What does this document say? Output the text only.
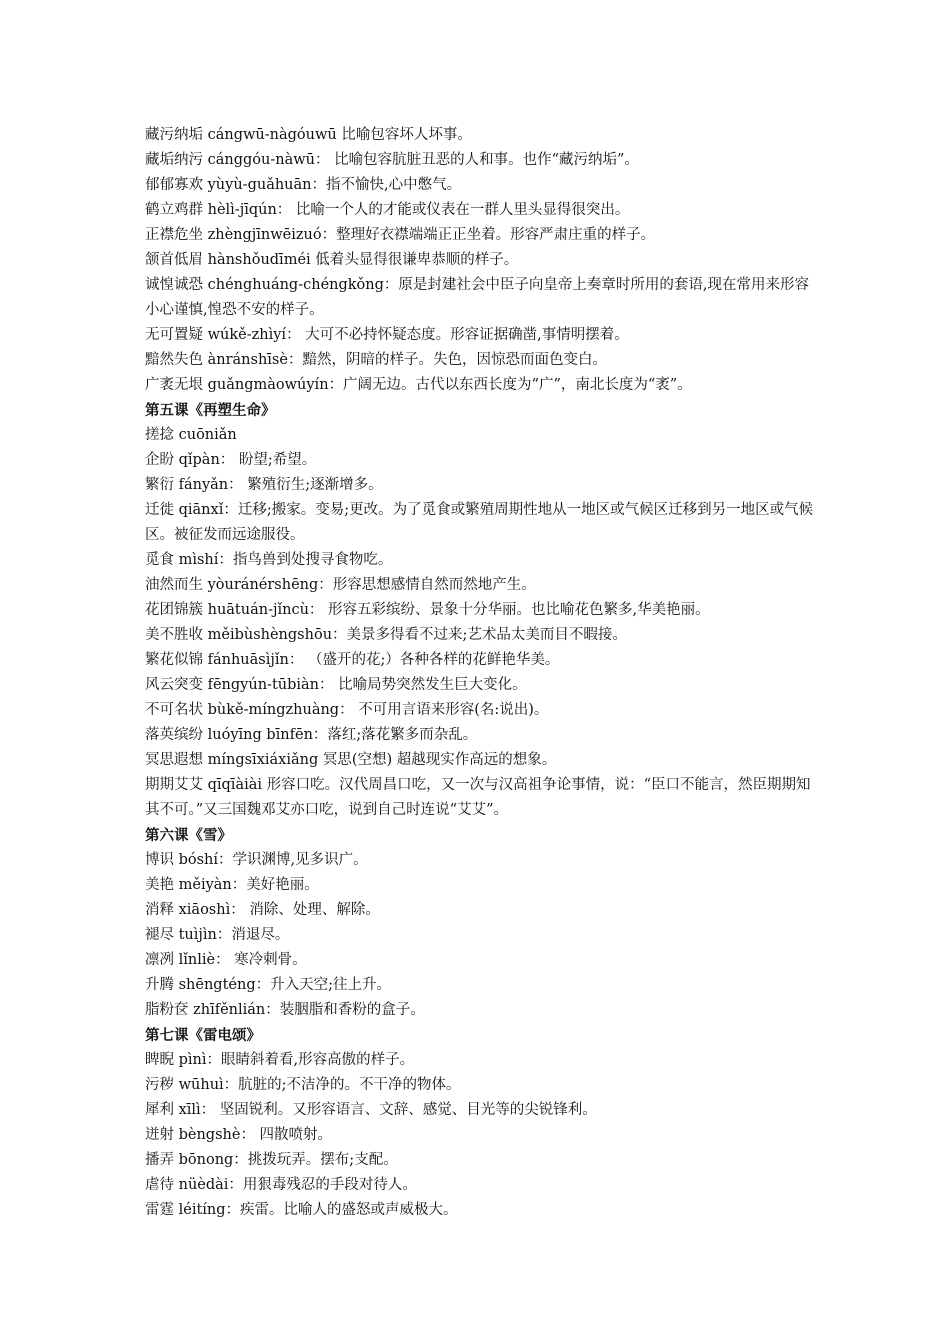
藏污纳垢 cángwū-nàgóuwū 比喻包容坏人坏事。
藏垢纳污 cánggóu-nàwū： 比喻包容肮脏丑恶的人和事。也作“藏污纳垢”。
郁郁寡欢 yùyù-guǎhuān：指不愉快,心中憋气。
鹤立鸡群 hèlì-jīqún： 比喻一个人的才能或仪表在一群人里头显得很突出。
正襟危坐 zhèngjīnwēizuó：整理好衣襟端端正正坐着。形容严肃庄重的样子。
颔首低眉 hànshǒudīméi 低着头显得很谦卑恭顺的样子。
诚惶诚恐 chénghuáng-chéngkǒng：原是封建社会中臣子向皇帝上奏章时所用的套语,现在常用来形容小心谨慎,惶恐不安的样子。
无可置疑 wúkě-zhìyí： 大可不必持怀疑态度。形容证据确凿,事情明摆着。
黯然失色 ànránshīsè：黯然，阴暗的样子。失色，因惊恐而面色变白。
广袤无垠 guǎngmàowúyín：广阔无边。古代以东西长度为“广”，南北长度为“袤”。
第五课《再塑生命》
搓捻 cuōniǎn
企盼 qǐpàn： 盼望;希望。
繁衍 fányǎn： 繁殖衍生;逐渐增多。
迁徙 qiānxǐ：迁移;搬家。变易;更改。为了觅食或繁殖周期性地从一地区或气候区迁移到另一地区或气候区。被征发而远途服役。
觅食 mìshí：指鸟兽到处搜寻食物吃。
油然而生 yòuránérshēng：形容思想感情自然而然地产生。
花团锦簇 huātuán-jǐncù： 形容五彩缤纷、景象十分华丽。也比喻花色繁多,华美艳丽。
美不胜收 měibùshèngshōu：美景多得看不过来;艺术品太美而目不暇接。
繁花似锦 fánhuāsìjǐn： （盛开的花;）各种各样的花鲜艳华美。
风云突变 fēngyún-tūbiàn： 比喻局势突然发生巨大变化。
不可名状 bùkě-míngzhuàng： 不可用言语来形容(名:说出)。
落英缤纷 luóyīng bīnfēn：落红;落花繁多而杂乱。
冥思遐想 míngsīxiáxiǎng 冥思(空想) 超越现实作高远的想象。
期期艾艾 qīqīàiài 形容口吃。汉代周昌口吃，又一次与汉高祖争论事情，说：“臣口不能言，然臣期期知其不可。”又三国魏邓艾亦口吃，说到自己时连说“艾艾”。
第六课《雪》
博识 bóshí：学识渊博,见多识广。
美艳 měiyàn：美好艳丽。
消释 xiāoshì： 消除、处理、解除。
褪尽 tuìjìn：消退尽。
凛冽 lǐnliè： 寒冷刺骨。
升腾 shēngténg：升入天空;往上升。
脂粉奁 zhīfěnlián：装胭脂和香粉的盒子。
第七课《雷电颂》
睥睨 pìnì：眼睛斜着看,形容高傲的样子。
污秽 wūhuì：肮脏的;不洁净的。不干净的物体。
犀利 xīlì： 坚固锐利。又形容语言、文辞、感觉、目光等的尖锐锋利。
迸射 bèngshè： 四散喷射。
播弄 bōnong：挑拨玩弄。摆布;支配。
虐待 nüèdài：用狠毒残忍的手段对待人。
雷霆 léitíng：疾雷。比喻人的盛怒或声威极大。
